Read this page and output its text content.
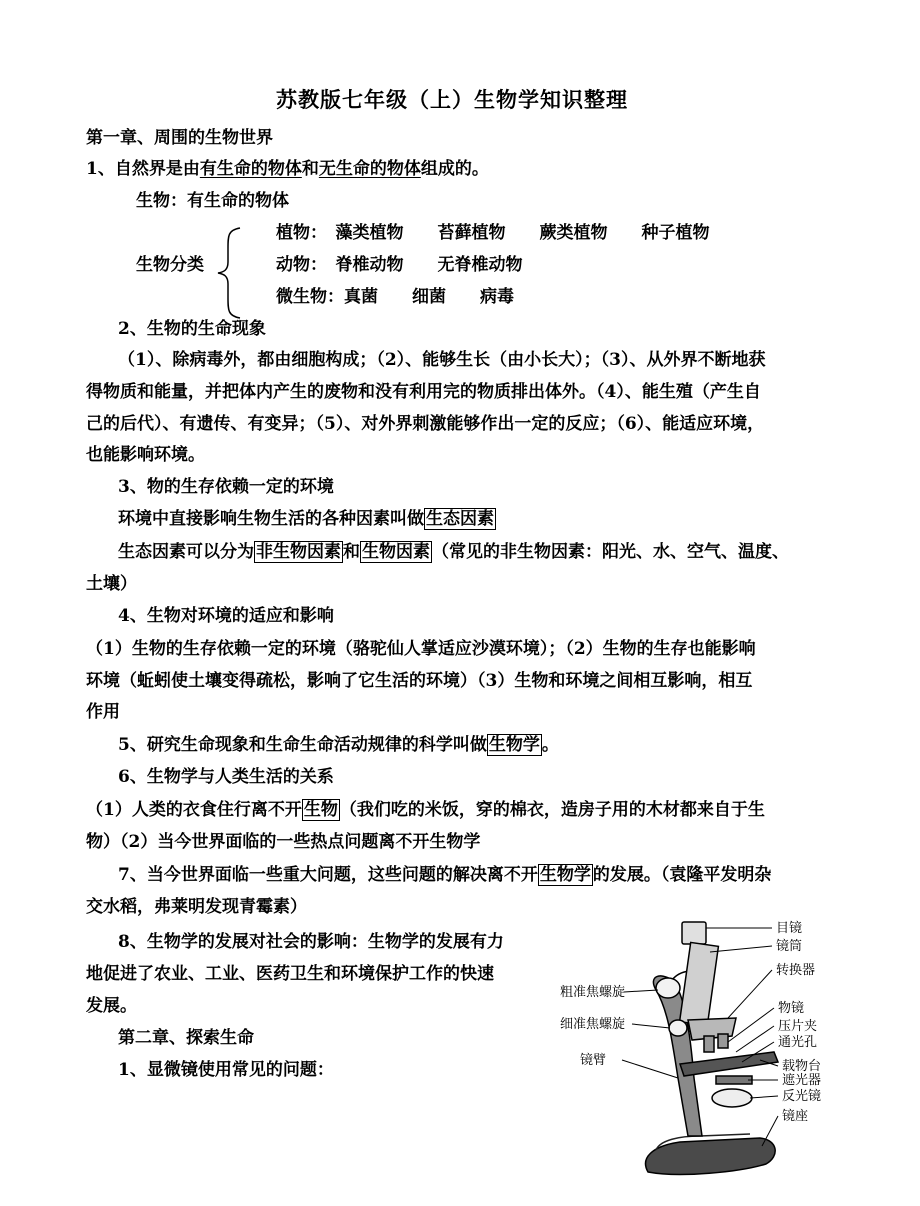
苏教版七年级（上）生物学知识整理
第一章、周围的生物世界
1、自然界是由有生命的物体和无生命的物体组成的。
生物：有生命的物体
生物分类
植物：　藻类植物　　苔藓植物　　蕨类植物　　种子植物
动物：　脊椎动物　　无脊椎动物
微生物：真菌　　细菌　　病毒
2、生物的生命现象
（1）、除病毒外，都由细胞构成；（2）、能够生长（由小长大）；（3）、从外界不断地获
得物质和能量，并把体内产生的废物和没有利用完的物质排出体外。（4）、能生殖（产生自
己的后代）、有遗传、有变异；（5）、对外界刺激能够作出一定的反应；（6）、能适应环境，
也能影响环境。
3、物的生存依赖一定的环境
环境中直接影响生物生活的各种因素叫做 生态因素
生态因素可以分为 非生物因素 和 生物因素 （常见的非生物因素：阳光、水、空气、温度、
土壤）
4、生物对环境的适应和影响
（1）生物的生存依赖一定的环境（骆驼仙人掌适应沙漠环境）；（2）生物的生存也能影响
环境（蚯蚓使土壤变得疏松，影响了它生活的环境）（3）生物和环境之间相互影响，相互
作用
5、研究生命现象和生命生命活动规律的科学叫做 生物学 。
6、生物学与人类生活的关系
（1）人类的衣食住行离不开 生物 （我们吃的米饭，穿的棉衣，造房子用的木材都来自于生
物）（2）当今世界面临的一些热点问题离不开生物学
7、当今世界面临一些重大问题，这些问题的解决离不开 生物学 的发展。（袁隆平发明杂
交水稻，弗莱明发现青霉素）
8、生物学的发展对社会的影响：生物学的发展有力
地促进了农业、工业、医药卫生和环境保护工作的快速
发展。
第二章、探索生命
1、显微镜使用常见的问题：
目镜
镜筒
转换器
粗准焦螺旋
物镜
压片夹
细准焦螺旋
通光孔
镜臂	载物台
遮光器
反光镜
镜座
